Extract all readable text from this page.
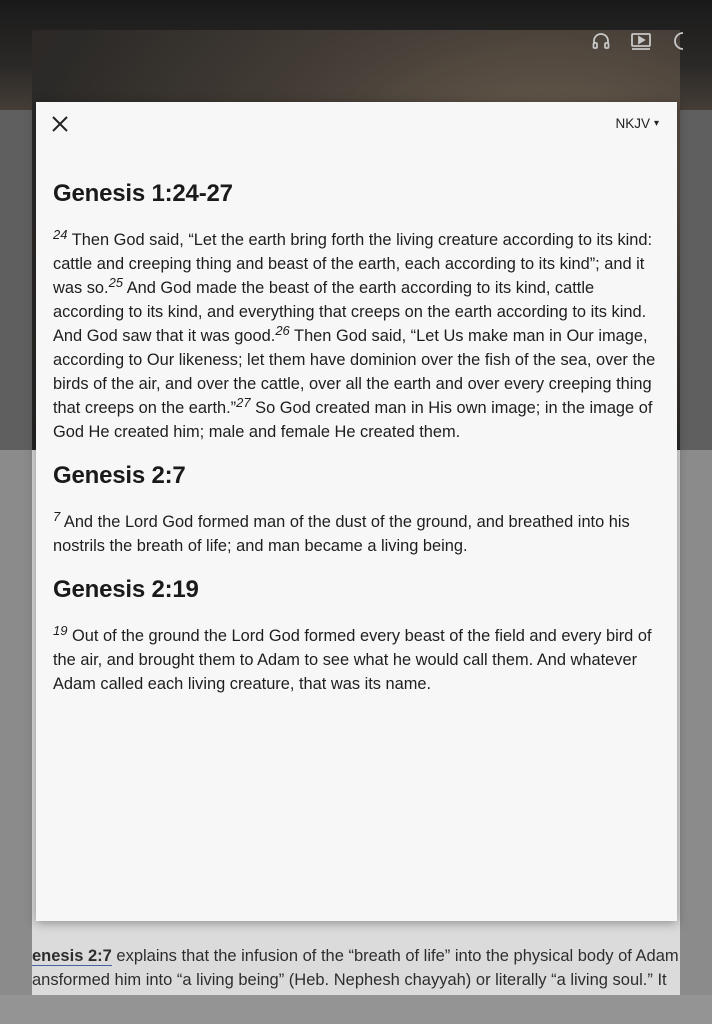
enesis 2:7 explains that the infusion of the “breath of life” into the physical body of Adam
ansformed him into “a living being” (Heb. Nephesh chayyah) or literally “a living soul.” It
NKJV ▾
Genesis 1:24-27

$^{24}$ Then God said, “Let the earth bring forth the living creature according to its kind: cattle and creeping thing and beast of the earth, each according to its kind”; and it was so.$^{25}$ And God made the beast of the earth according to its kind, cattle according to its kind, and everything that creeps on the earth according to its kind. And God saw that it was good.$^{26}$ Then God said, “Let Us make man in Our image, according to Our likeness; let them have dominion over the fish of the sea, over the birds of the air, and over the cattle, over all the earth and over every creeping thing that creeps on the earth.”$^{27}$ So God created man in His own image; in the image of God He created him; male and female He created them.

Genesis 2:7

$^7$ And the Lord God formed man of the dust of the ground, and breathed into his nostrils the breath of life; and man became a living being.

Genesis 2:19

$^{19}$ Out of the ground the Lord God formed every beast of the field and every bird of the air, and brought them to Adam to see what he would call them. And whatever Adam called each living creature, that was its name.
